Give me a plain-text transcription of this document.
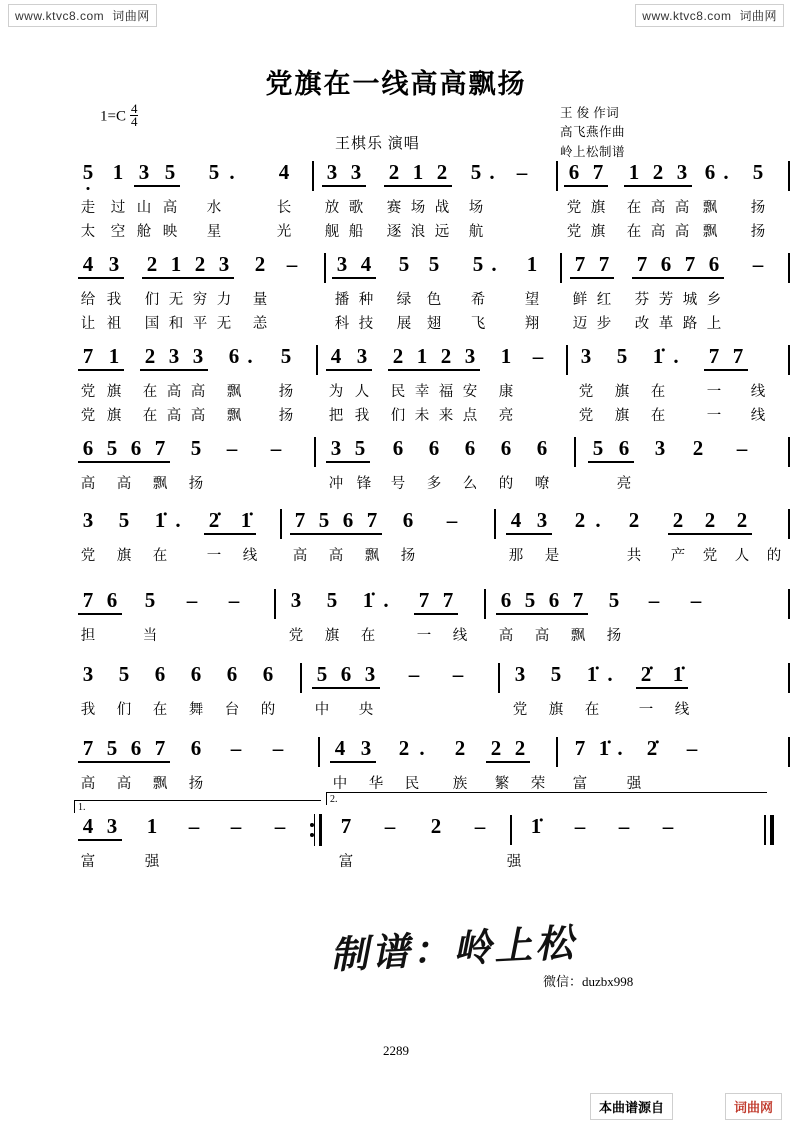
www.ktvc8.com 词曲网	www.ktvc8.com 词曲网
党旗在一线高高飘扬
$1=C \frac{4}{4}$
王棋乐 演唱
王 俊 作词
高飞燕作曲
岭上松制谱
5 1 3 5 5 . 4 3 3 2 1 2 5 . – 6 7 1 2 3 6 . 5
走 过 山 高 水	长 放 歌 赛 场 战 场	党 旗 在 高 高 飘 扬
太 空 舱 映 星	光 舰 船 逐 浪 远 航	党 旗 在 高 高 飘 扬
4 3 2 1 2 3 2 – 3 4 5 5 5 . 1 7 7 7 6 7 6 –
给 我 们 无 穷 力 量	播 种 绿 色 希	望 鲜 红 芬 芳 城 乡
让 祖 国 和 平 无 恙	科 技 展 翅 飞	翔 迈 步 改 革 路 上
7 1 2 3 3 6 . 5 4 3 2 1 2 3 1 – 3 5 1̇ . 7 7
党 旗 在 高 高 飘	扬 为 人 民 幸 福 安 康	党 旗 在	一 线
党 旗 在 高 高 飘	扬 把 我 们 未 来 点 亮	党 旗 在	一 线
6 5 6 7 5 – – 3 5 6 6 6 6 6 5 6 3 2 –
高 高 飘 扬	冲 锋 号 多 么 的 嘹	亮
3 5 1̇ . 2̇ 1̇ 7 5 6 7 6 –	4 3 2 . 2 2 2 2
党 旗 在	一 线 高 高 飘 扬	那 是	共 产 党 人 的
7 6 5 – – 3 5 1̇ . 7 7 6 5 6 7 5 – –
担	当	党 旗 在	一 线 高 高 飘 扬
3 5 6 6 6 6 5 6 3 – – 3 5 1̇ . 2̇ 1̇
我 们 在 舞 台 的	中 央	党 旗 在	一 线
7 5 6 7 6 – – 4 3 2 . 2 2 2 7 1̇ . 2̇ –
高 高 飘 扬	中 华 民 族 繁 荣 富	强
1.
2.
4 3 1 – – –	7 – 2 – 1̇ – – –
富	强	富	强
制谱：岭上松
微信：duzbx998
2289
本曲谱源自	词曲网
